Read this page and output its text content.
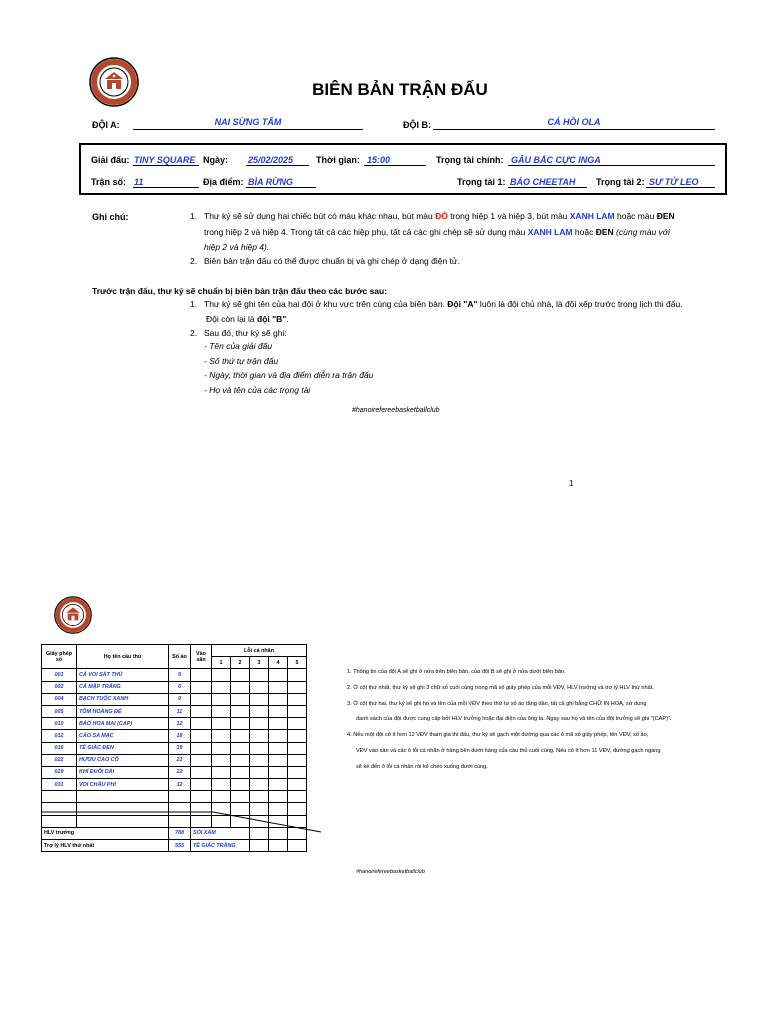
BIÊN BẢN TRẬN ĐẤU
ĐỘI A:	NAI SỪNG TẤM	ĐỘI B:	CÁ HỒI OLA
Giải đấu: TINY SQUARE Ngày: 25/02/2025	Thời gian: 15:00	Trọng tài chính: GẤU BẮC CỰC INGA
Trận số: 11	Địa điểm: BÌA RỪNG	Trọng tài 1: BÁO CHEETAH Trọng tài 2: SƯ TỬ LEO
Ghi chú:	1. Thư ký sẽ sử dụng hai chiếc bút có màu khác nhau, bút màu ĐỎ trong hiệp 1 và hiệp 3, bút màu XANH LAM hoặc màu ĐEN
trong hiệp 2 và hiệp 4. Trong tất cả các hiệp phụ, tất cả các ghi chép sẽ sử dụng màu XANH LAM hoặc ĐEN (cùng màu với
hiệp 2 và hiệp 4).
2. Biên bản trận đấu có thể được chuẩn bị và ghi chép ở dạng điện tử.
Trước trận đấu, thư ký sẽ chuẩn bị biên bản trận đấu theo các bước sau:
1. Thư ký sẽ ghi tên của hai đội ở khu vực trên cùng của biên bản. Đội "A" luôn là đội chủ nhà, là đội xếp trước trong lịch thi đấu.
Đội còn lại là đội "B".
2. Sau đó, thư ký sẽ ghi:
- Tên của giải đấu
- Số thứ tự trận đấu
- Ngày, thời gian và địa điểm diễn ra trận đấu
- Họ và tên của các trọng tài
#hanoirefereebasketballclub
1
Giấy phép số	Họ tên cầu thủ	Số áo	Vào sân	Lỗi cá nhân				
				1	2	3	4	5
001	CÁ VOI SÁT THỦ	5						
002	CÁ MẬP TRẮNG	6						
004	BẠCH TUỘC XANH	9						
005	TÔM HOÀNG ĐẾ	11						
010	BÁO HOA MAI (CAP)	12						
012	CÁO SA MẠC	18						
016	TÊ GIÁC ĐEN	19						
022	HƯƠU CAO CỔ	21						
029	KHỈ ĐUÔI DÀI	22						
031	VOI CHÂU PHI	32						

HLV trưởng		788	SÓI XÁM					
Trợ lý HLV thứ nhất		555	TÊ GIÁC TRẮNG					
1. Thông tin của đội A sẽ ghi ở nửa trên biên bản, của đội B sẽ ghi ở nửa dưới biên bản.
2. Ở cột thứ nhất, thư ký sẽ ghi 3 chữ số cuối cùng trong mã số giấy phép của mỗi VĐV, HLV trưởng và trợ lý HLV thứ nhất.
3. Ở cột thứ hai, thư ký sẽ ghi họ và tên của mỗi VĐV theo thứ tự số áo tăng dần, tất cả ghi bằng CHỮ IN HOA, sử dụng
danh sách của đội được cung cấp bởi HLV trưởng hoặc đại diện của ông ta. Ngay sau họ và tên của đội trưởng sẽ ghi "(CAP)".
4. Nếu một đội có ít hơn 12 VĐV tham gia thi đấu, thư ký sẽ gạch một đường qua các ô mã số giấy phép, tên VĐV, số áo,
VĐV vào sân và các ô lỗi cá nhân ở hàng bên dưới hàng của cầu thủ cuối cùng. Nếu có ít hơn 11 VĐV, đường gạch ngang
sẽ kẻ đến ô lỗi cá nhân rồi kẻ chéo xuống dưới cùng.
#hanoirefereebasketballclub
